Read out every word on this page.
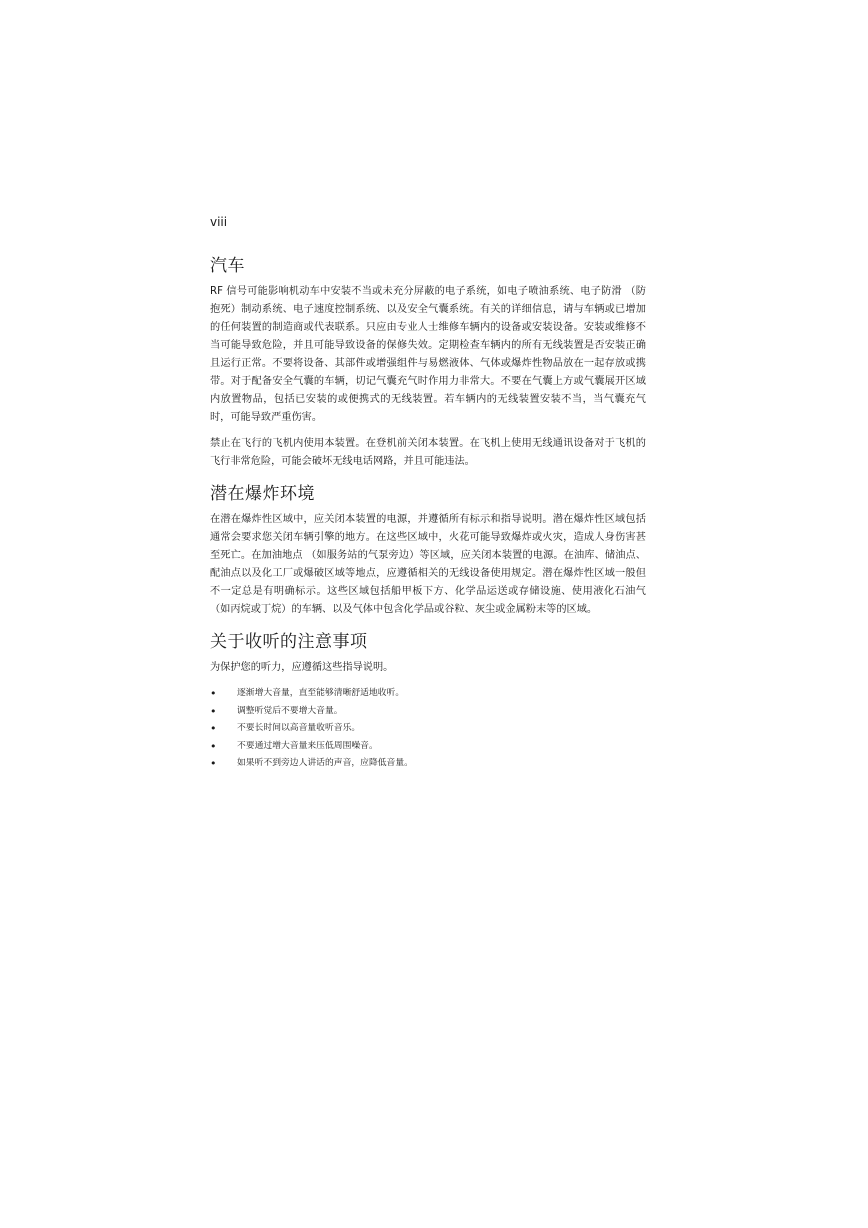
viii
汽车

RF 信号可能影响机动车中安装不当或未充分屏蔽的电子系统，如电子喷油系统、电子防滑 （防抱死）制动系统、电子速度控制系统、以及安全气囊系统。有关的详细信息，请与车辆或已增加的任何装置的制造商或代表联系。只应由专业人士维修车辆内的设备或安装设备。安装或维修不当可能导致危险，并且可能导致设备的保修失效。定期检查车辆内的所有无线装置是否安装正确且运行正常。不要将设备、其部件或增强组件与易燃液体、气体或爆炸性物品放在一起存放或携带。对于配备安全气囊的车辆，切记气囊充气时作用力非常大。不要在气囊上方或气囊展开区域内放置物品，包括已安装的或便携式的无线装置。若车辆内的无线装置安装不当，当气囊充气时，可能导致严重伤害。

禁止在飞行的飞机内使用本装置。在登机前关闭本装置。在飞机上使用无线通讯设备对于飞机的飞行非常危险，可能会破坏无线电话网路，并且可能违法。

潜在爆炸环境

在潜在爆炸性区域中，应关闭本装置的电源，并遵循所有标示和指导说明。潜在爆炸性区域包括通常会要求您关闭车辆引擎的地方。在这些区域中，火花可能导致爆炸或火灾，造成人身伤害甚至死亡。在加油地点 （如服务站的气泵旁边）等区域，应关闭本装置的电源。在油库、储油点、配油点以及化工厂或爆破区域等地点，应遵循相关的无线设备使用规定。潜在爆炸性区域一般但不一定总是有明确标示。这些区域包括船甲板下方、化学品运送或存储设施、使用液化石油气 （如丙烷或丁烷）的车辆、以及气体中包含化学品或谷粒、灰尘或金属粉末等的区域。

关于收听的注意事项

为保护您的听力，应遵循这些指导说明。

• 逐渐增大音量，直至能够清晰舒适地收听。
• 调整听觉后不要增大音量。
• 不要长时间以高音量收听音乐。
• 不要通过增大音量来压低周围噪音。
• 如果听不到旁边人讲话的声音，应降低音量。
